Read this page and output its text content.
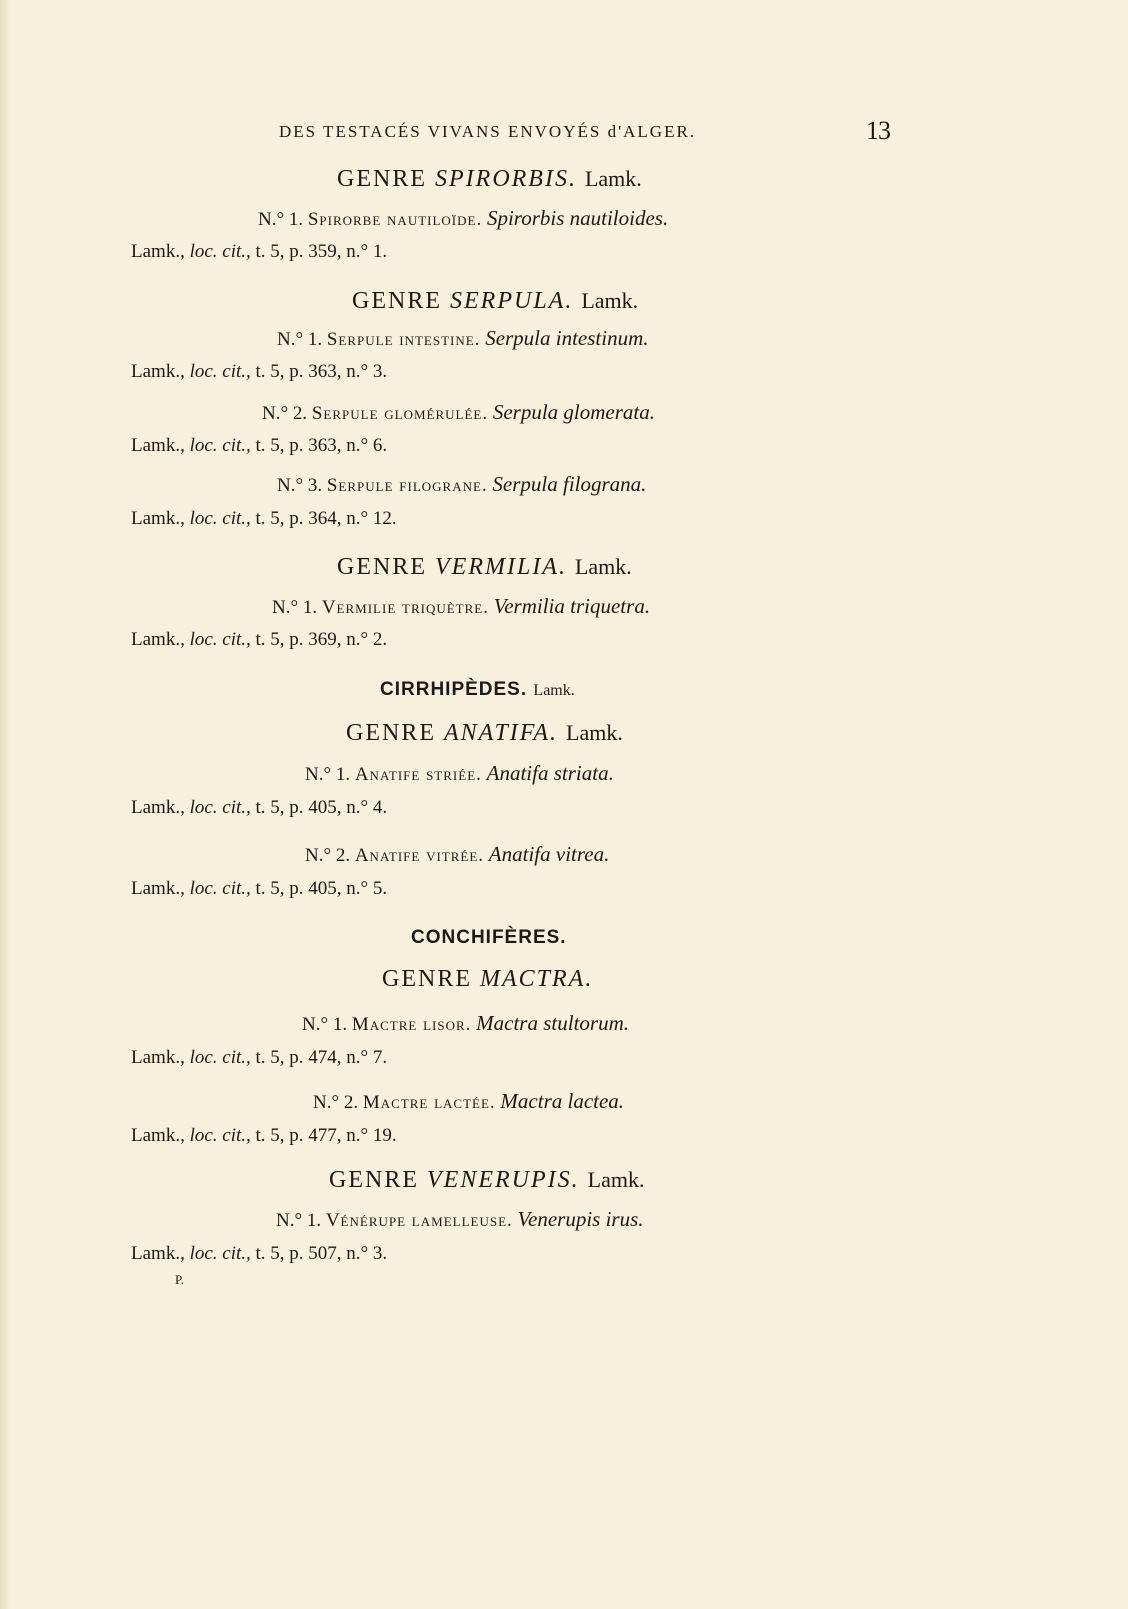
DES TESTACÉS VIVANS ENVOYÉS d'ALGER.	13
GENRE SPIRORBIS. Lamk.
N.° 1. Spirorbe nautiloïde. Spirorbis nautiloides.
Lamk., loc. cit., t. 5, p. 359, n.° 1.
GENRE SERPULA. Lamk.
N.° 1. Serpule intestine. Serpula intestinum.
Lamk., loc. cit., t. 5, p. 363, n.° 3.
N.° 2. Serpule glomérulée. Serpula glomerata.
Lamk., loc. cit., t. 5, p. 363, n.° 6.
N.° 3. Serpule filograne. Serpula filograna.
Lamk., loc. cit., t. 5, p. 364, n.° 12.
GENRE VERMILIA. Lamk.
N.° 1. Vermilie triquètre. Vermilia triquetra.
Lamk., loc. cit., t. 5, p. 369, n.° 2.
CIRRHIPÈDES. Lamk.
GENRE ANATIFA. Lamk.
N.° 1. Anatife striée. Anatifa striata.
Lamk., loc. cit., t. 5, p. 405, n.° 4.
N.° 2. Anatife vitrée. Anatifa vitrea.
Lamk., loc. cit., t. 5, p. 405, n.° 5.
CONCHIFÈRES.
GENRE MACTRA.
N.° 1. Mactre lisor. Mactra stultorum.
Lamk., loc. cit., t. 5, p. 474, n.° 7.
N.° 2. Mactre lactée. Mactra lactea.
Lamk., loc. cit., t. 5, p. 477, n.° 19.
GENRE VENERUPIS. Lamk.
N.° 1. Vénérupe lamelleuse. Venerupis irus.
Lamk., loc. cit., t. 5, p. 507, n.° 3.
P.
